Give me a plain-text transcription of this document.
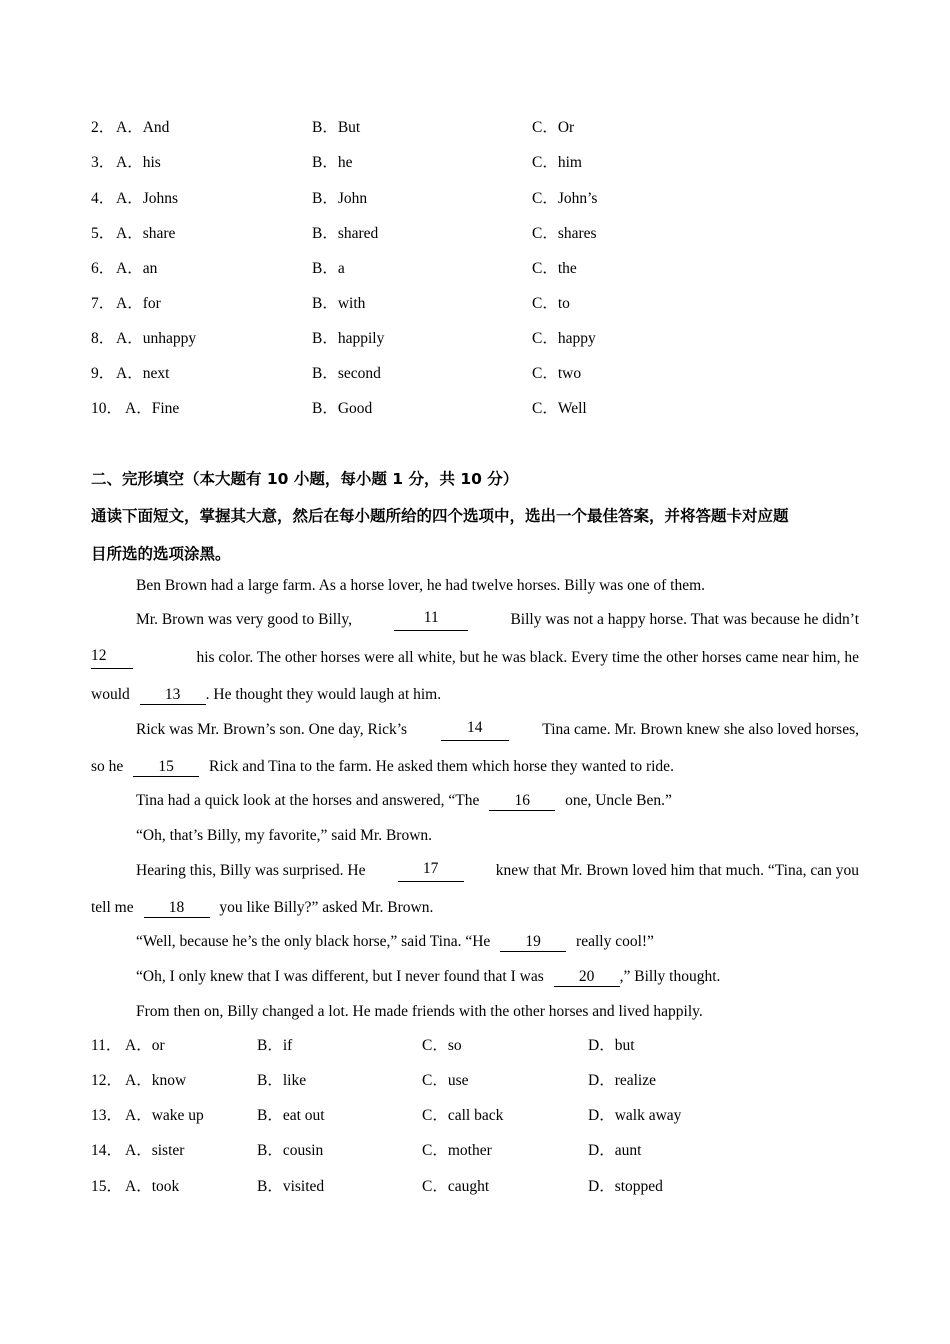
2． A．And	B．But	C．Or
3． A．his	B．he	C．him
4． A．Johns	B．John	C．John’s
5． A．share	B．shared	C．shares
6． A．an	B．a	C．the
7． A．for	B．with	C．to
8． A．unhappy	B．happily	C．happy
9． A．next	B．second	C．two
10． A．Fine	B．Good	C．Well
二、完形填空（本大题有 10 小题，每小题 1 分，共 10 分）
通读下面短文，掌握其大意，然后在每小题所给的四个选项中，选出一个最佳答案，并将答题卡对应题
目所选的选项涂黑。
Ben Brown had a large farm. As a horse lover, he had twelve horses. Billy was one of them.
Mr. Brown was very good to Billy,	11	Billy was not a happy horse. That was because he didn’t
12	his color. The other horses were all white, but he was black. Every time the other horses came near him, he
would 13 . He thought they would laugh at him.
Rick was Mr. Brown’s son. One day, Rick’s	14	Tina came. Mr. Brown knew she also loved horses,
so he 15 Rick and Tina to the farm. He asked them which horse they wanted to ride.
Tina had a quick look at the horses and answered, “The 16 one, Uncle Ben.”
“Oh, that’s Billy, my favorite,” said Mr. Brown.
Hearing this, Billy was surprised. He	17	knew that Mr. Brown loved him that much. “Tina, can you
tell me 18 you like Billy?” asked Mr. Brown.
“Well, because he’s the only black horse,” said Tina. “He 19 really cool!”
“Oh, I only knew that I was different, but I never found that I was 20 ,” Billy thought.
From then on, Billy changed a lot. He made friends with the other horses and lived happily.
11． A．or	B．if	C．so	D．but
12． A．know	B．like	C．use	D．realize
13． A．wake up	B．eat out	C．call back	D．walk away
14． A．sister	B．cousin	C．mother	D．aunt
15． A．took	B．visited	C．caught	D．stopped
